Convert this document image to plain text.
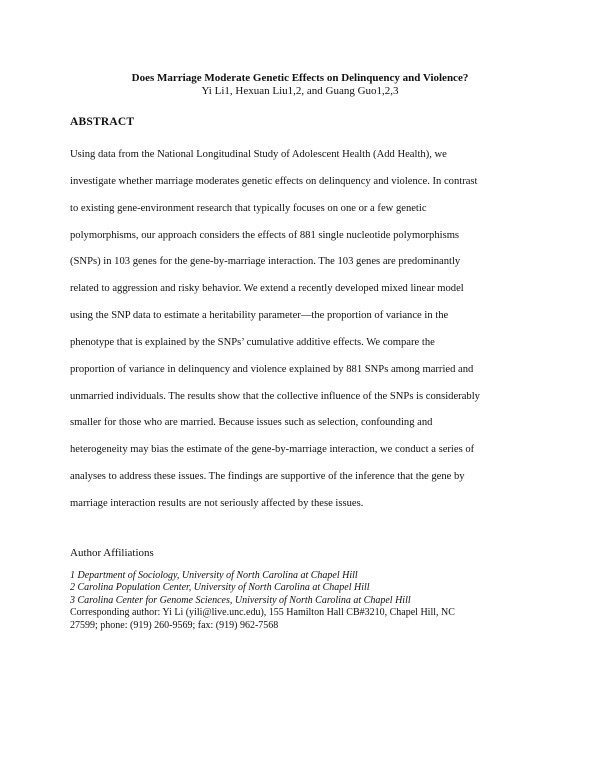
Does Marriage Moderate Genetic Effects on Delinquency and Violence?
Yi Li1, Hexuan Liu1,2, and Guang Guo1,2,3
ABSTRACT
Using data from the National Longitudinal Study of Adolescent Health (Add Health), we
investigate whether marriage moderates genetic effects on delinquency and violence. In contrast
to existing gene-environment research that typically focuses on one or a few genetic
polymorphisms, our approach considers the effects of 881 single nucleotide polymorphisms
(SNPs) in 103 genes for the gene-by-marriage interaction. The 103 genes are predominantly
related to aggression and risky behavior. We extend a recently developed mixed linear model
using the SNP data to estimate a heritability parameter—the proportion of variance in the
phenotype that is explained by the SNPs’ cumulative additive effects. We compare the
proportion of variance in delinquency and violence explained by 881 SNPs among married and
unmarried individuals. The results show that the collective influence of the SNPs is considerably
smaller for those who are married. Because issues such as selection, confounding and
heterogeneity may bias the estimate of the gene-by-marriage interaction, we conduct a series of
analyses to address these issues. The findings are supportive of the inference that the gene by
marriage interaction results are not seriously affected by these issues.
Author Affiliations
1 Department of Sociology, University of North Carolina at Chapel Hill
2 Carolina Population Center, University of North Carolina at Chapel Hill
3 Carolina Center for Genome Sciences, University of North Carolina at Chapel Hill
Corresponding author: Yi Li (yili@live.unc.edu), 155 Hamilton Hall CB#3210, Chapel Hill, NC
27599; phone: (919) 260-9569; fax: (919) 962-7568
